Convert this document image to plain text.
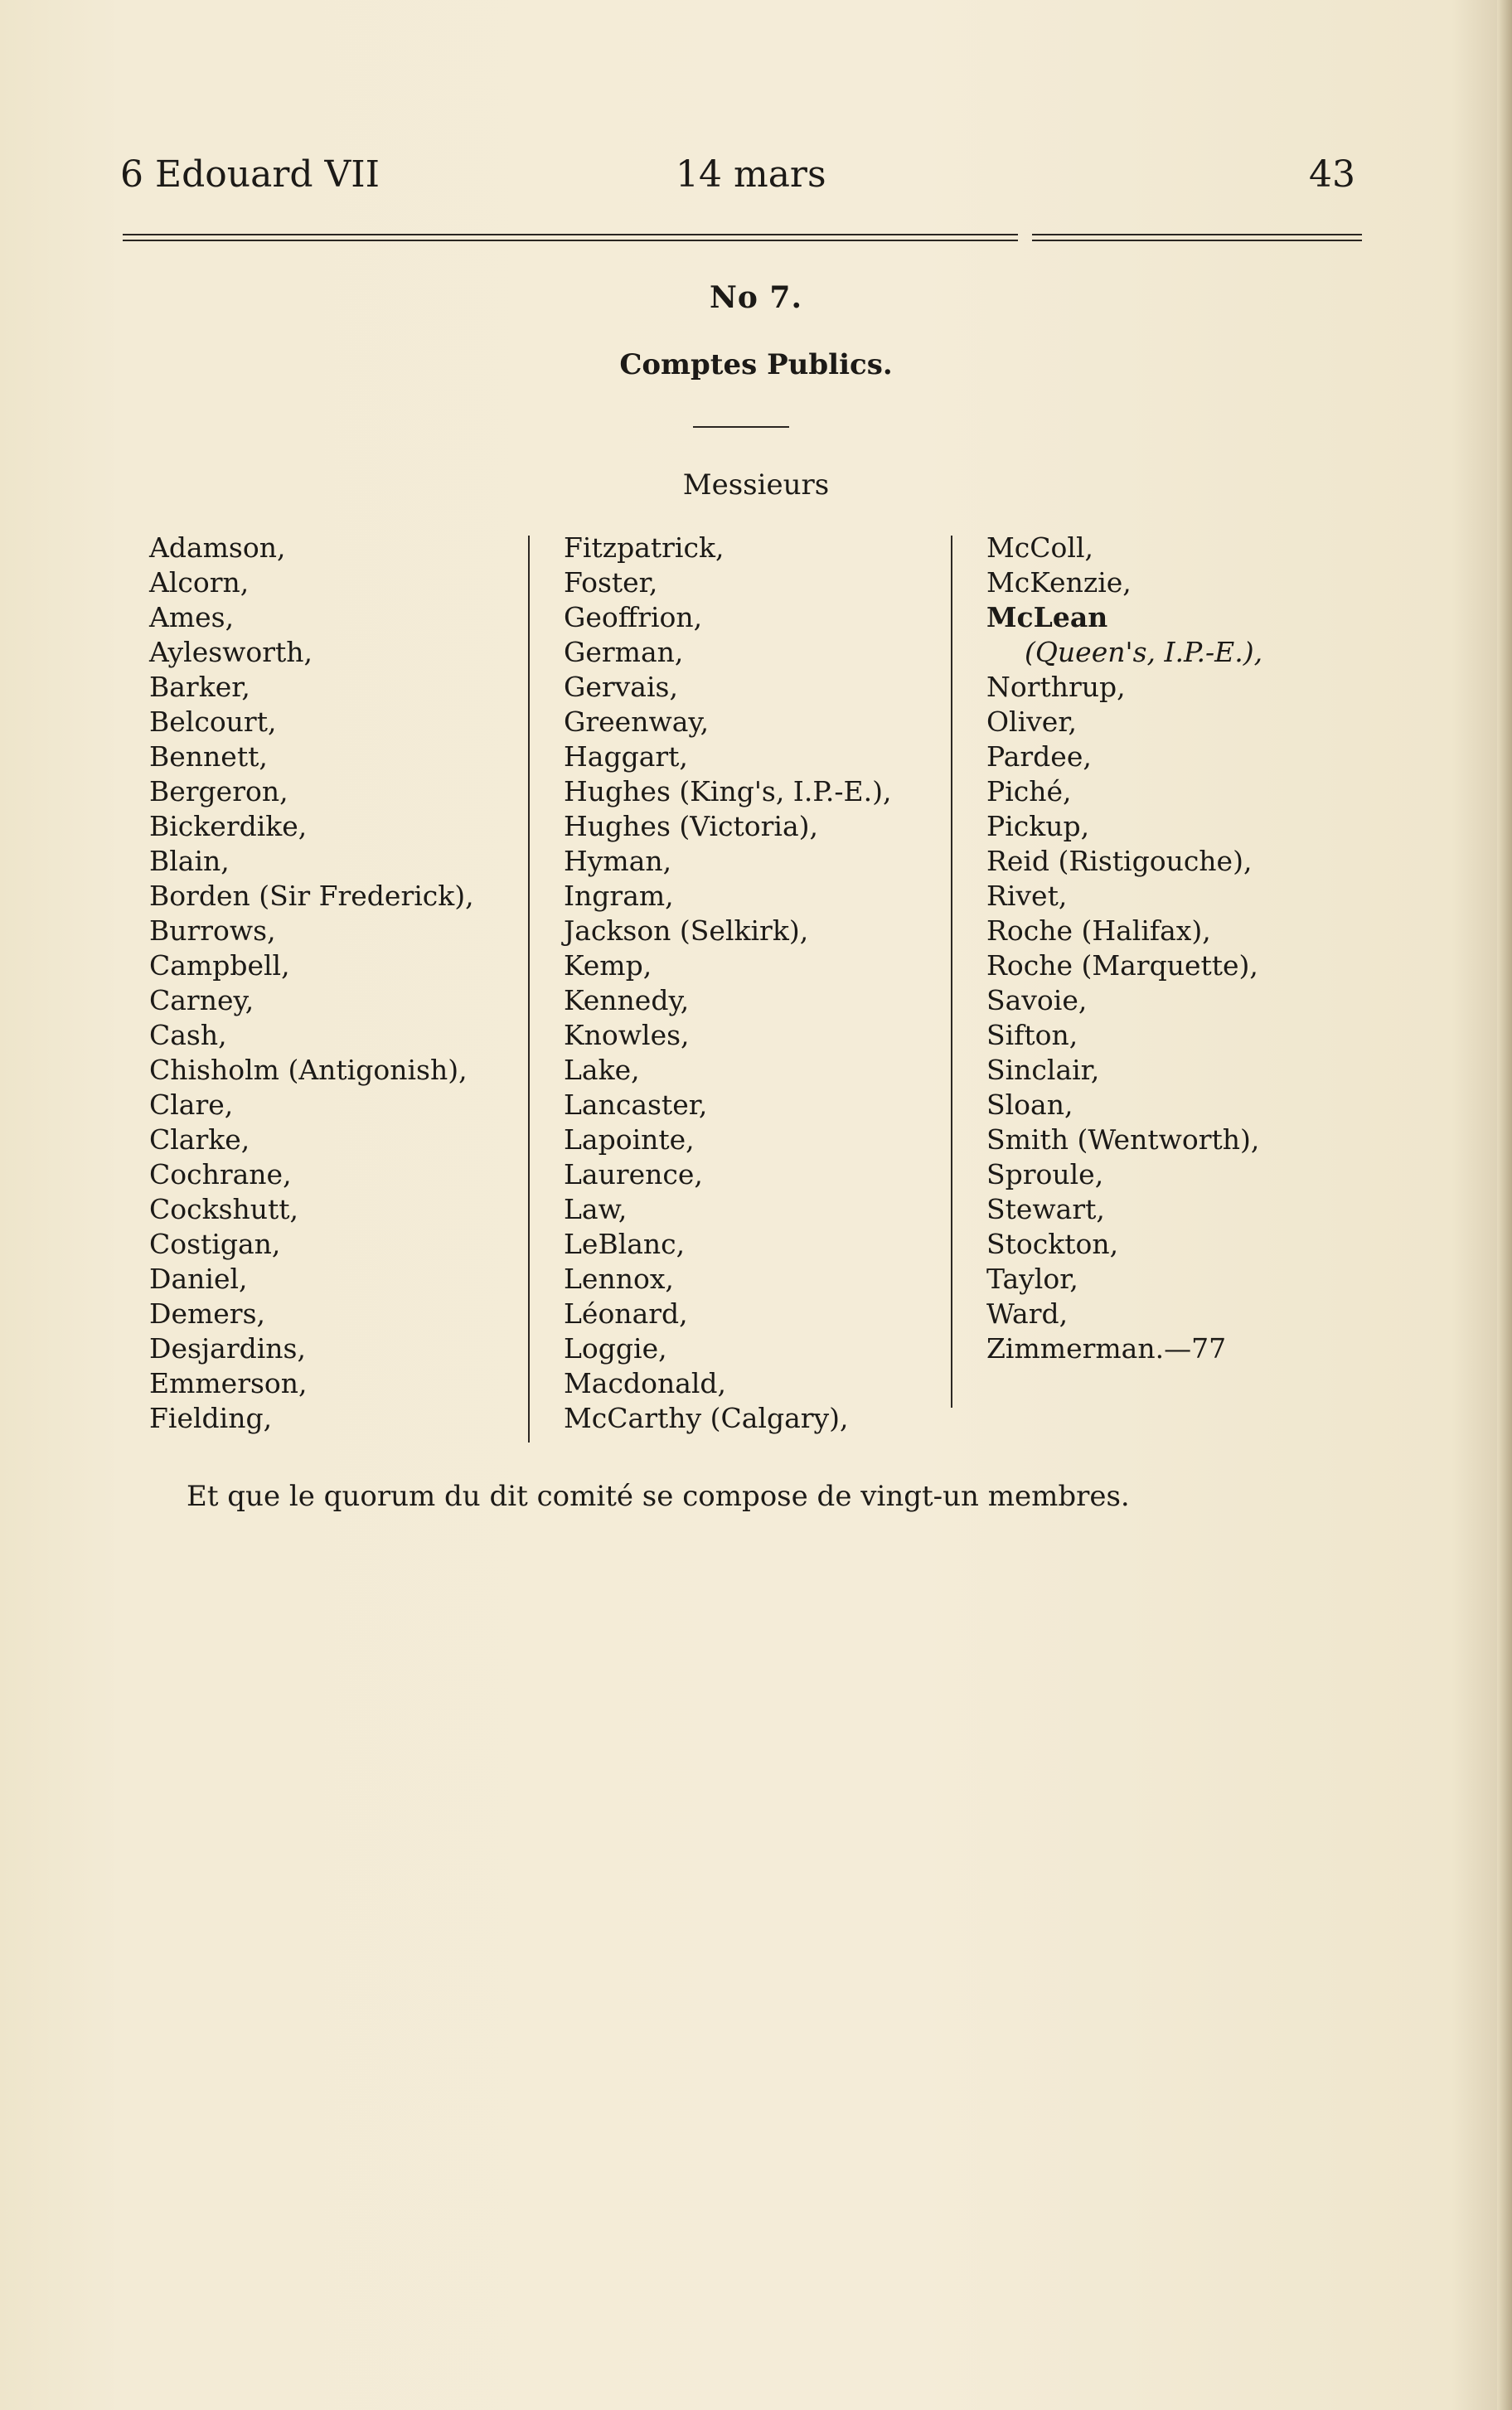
6 Edouard VII	14 mars	43
No 7.
Comptes Publics.
Messieurs
Adamson,
Alcorn,
Ames,
Aylesworth,
Barker,
Belcourt,
Bennett,
Bergeron,
Bickerdike,
Blain,
Borden (Sir Frederick),
Burrows,
Campbell,
Carney,
Cash,
Chisholm (Antigonish),
Clare,
Clarke,
Cochrane,
Cockshutt,
Costigan,
Daniel,
Demers,
Desjardins,
Emmerson,
Fielding,
Fitzpatrick,
Foster,
Geoffrion,
German,
Gervais,
Greenway,
Haggart,
Hughes (King's, I.P.-E.),
Hughes (Victoria),
Hyman,
Ingram,
Jackson (Selkirk),
Kemp,
Kennedy,
Knowles,
Lake,
Lancaster,
Lapointe,
Laurence,
Law,
LeBlanc,
Lennox,
Léonard,
Loggie,
Macdonald,
McCarthy (Calgary),
McColl,
McKenzie,
McLean
(Queen's, I.P.-E.),
Northrup,
Oliver,
Pardee,
Piché,
Pickup,
Reid (Ristigouche),
Rivet,
Roche (Halifax),
Roche (Marquette),
Savoie,
Sifton,
Sinclair,
Sloan,
Smith (Wentworth),
Sproule,
Stewart,
Stockton,
Taylor,
Ward,
Zimmerman.—77
Et que le quorum du dit comité se compose de vingt-un membres.
